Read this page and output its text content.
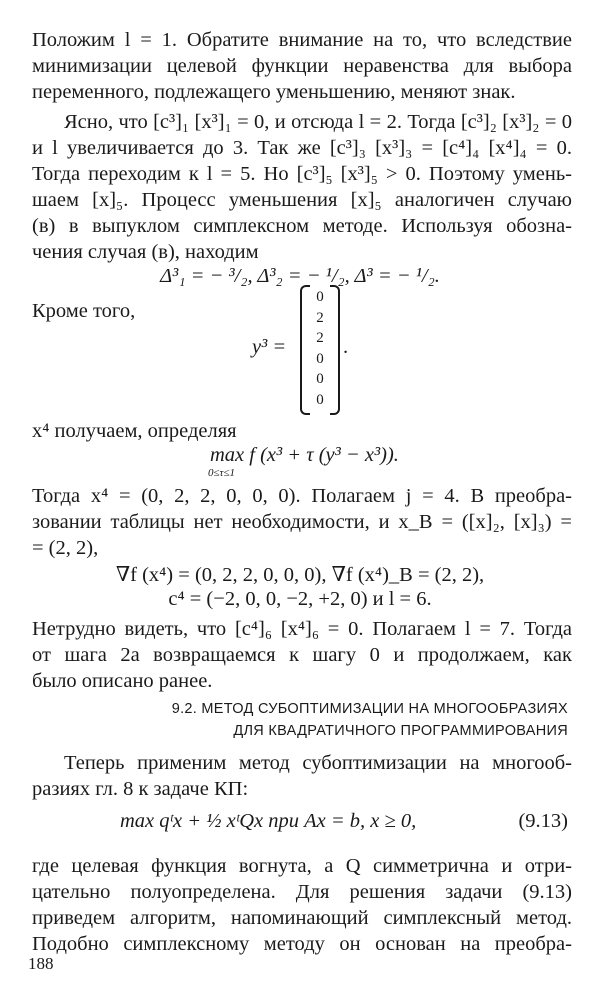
Положим l = 1. Обратите внимание на то, что вследствие
минимизации целевой функции неравенства для выбора
переменного, подлежащего уменьшению, меняют знак.
Ясно, что [c³]₁ [x³]₁ = 0, и отсюда l = 2. Тогда [c³]₂ [x³]₂ = 0
и l увеличивается до 3. Так же [c³]₃ [x³]₃ = [c⁴]₄ [x⁴]₄ = 0.
Тогда переходим к l = 5. Но [c³]₅ [x³]₅ > 0. Поэтому умень-
шаем [x]₅. Процесс уменьшения [x]₅ аналогичен случаю
(в) в выпуклом симплексном методе. Используя обозна-
чения случая (в), находим
Δ³₁ = − ³/₂, Δ³₂ = − ¹/₂, Δ³ = − ¹/₂.
Кроме того,
y³ =
0
2
2
0
0
0
.
x⁴ получаем, определяя
max f (x³ + τ (y³ − x³)).
0≤τ≤1
Тогда x⁴ = (0, 2, 2, 0, 0, 0). Полагаем j = 4. В преобра-
зовании таблицы нет необходимости, и x_B = ([x]₂, [x]₃) =
= (2, 2),
∇f (x⁴) = (0, 2, 2, 0, 0, 0), ∇f (x⁴)_B = (2, 2),
c⁴ = (−2, 0, 0, −2, +2, 0) и l = 6.
Нетрудно видеть, что [c⁴]₆ [x⁴]₆ = 0. Полагаем l = 7. Тогда
от шага 2а возвращаемся к шагу 0 и продолжаем, как
было описано ранее.
9.2. МЕТОД СУБОПТИМИЗАЦИИ НА МНОГООБРАЗИЯХ
ДЛЯ КВАДРАТИЧНОГО ПРОГРАММИРОВАНИЯ
Теперь применим метод субоптимизации на многооб-
разиях гл. 8 к задаче КП:
max qᵗx + ½ xᵗQx при Ax = b, x ≥ 0,	(9.13)
где целевая функция вогнута, а Q симметрична и отри-
цательно полуопределена. Для решения задачи (9.13)
приведем алгоритм, напоминающий симплексный метод.
Подобно симплексному методу он основан на преобра-
188
